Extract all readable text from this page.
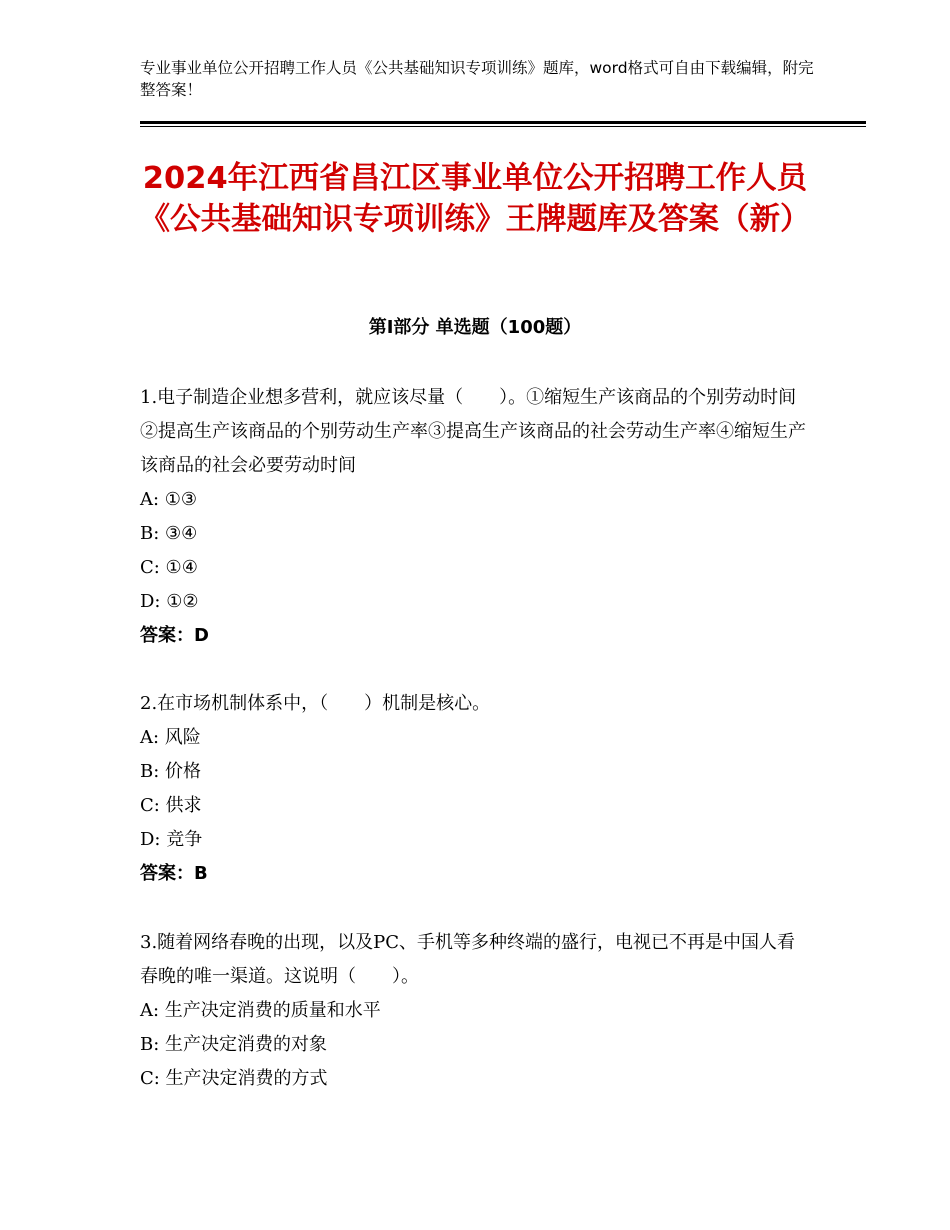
专业事业单位公开招聘工作人员《公共基础知识专项训练》题库，word格式可自由下载编辑，附完整答案！
2024年江西省昌江区事业单位公开招聘工作人员《公共基础知识专项训练》王牌题库及答案（新）
第Ⅰ部分 单选题（100题）
1.电子制造企业想多营利，就应该尽量（　　）。①缩短生产该商品的个别劳动时间②提高生产该商品的个别劳动生产率③提高生产该商品的社会劳动生产率④缩短生产该商品的社会必要劳动时间
A: ①③
B: ③④
C: ①④
D: ①②
答案：D
2.在市场机制体系中，（　　）机制是核心。
A: 风险
B: 价格
C: 供求
D: 竞争
答案：B
3.随着网络春晚的出现，以及PC、手机等多种终端的盛行，电视已不再是中国人看春晚的唯一渠道。这说明（　　）。
A: 生产决定消费的质量和水平
B: 生产决定消费的对象
C: 生产决定消费的方式
